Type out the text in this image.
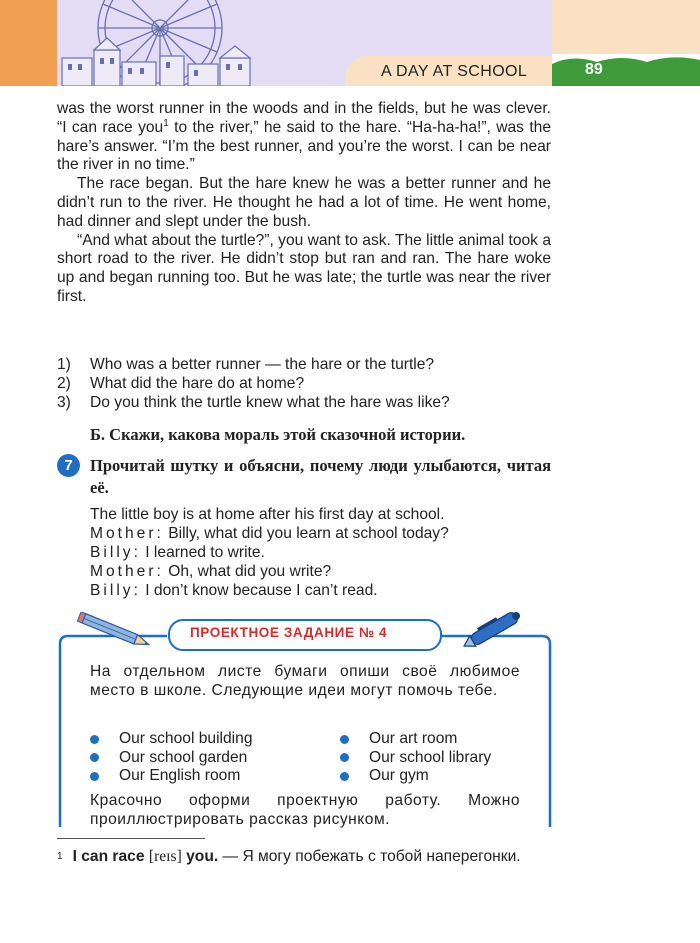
A DAY AT SCHOOL	89

was the worst runner in the woods and in the fields, but he was clever. “I can race you$^1$ to the river,” he said to the hare. “Ha-ha-ha!”, was the hare’s answer. “I’m the best runner, and you’re the worst. I can be near the river in no time.”

The race began. But the hare knew he was a better runner and he didn’t run to the river. He thought he had a lot of time. He went home, had dinner and slept under the bush.

“And what about the turtle?”, you want to ask. The little animal took a short road to the river. He didn’t stop but ran and ran. The hare woke up and began running too. But he was late; the turtle was near the river first.

1)	Who was a better runner — the hare or the turtle?
2)	What did the hare do at home?
3)	Do you think the turtle knew what the hare was like?
Б. Скажи, какова мораль этой сказочной истории.
7	Прочитай шутку и объясни, почему люди улыбаются, читая её.
The little boy is at home after his first day at school.
Mother: Billy, what did you learn at school today?
Billy: I learned to write.
Mother: Oh, what did you write?
Billy: I don’t know because I can’t read.
ПРОЕКТНОЕ ЗАДАНИЕ № 4
На отдельном листе бумаги опиши своё любимое место в школе. Следующие идеи могут помочь тебе.
Our school building	Our art room
Our school garden	Our school library
Our English room	Our gym
Красочно оформи проектную работу. Можно проиллюстрировать рассказ рисунком.
$^1$ I can race [reɪs] you. — Я могу побежать с тобой наперегонки.
